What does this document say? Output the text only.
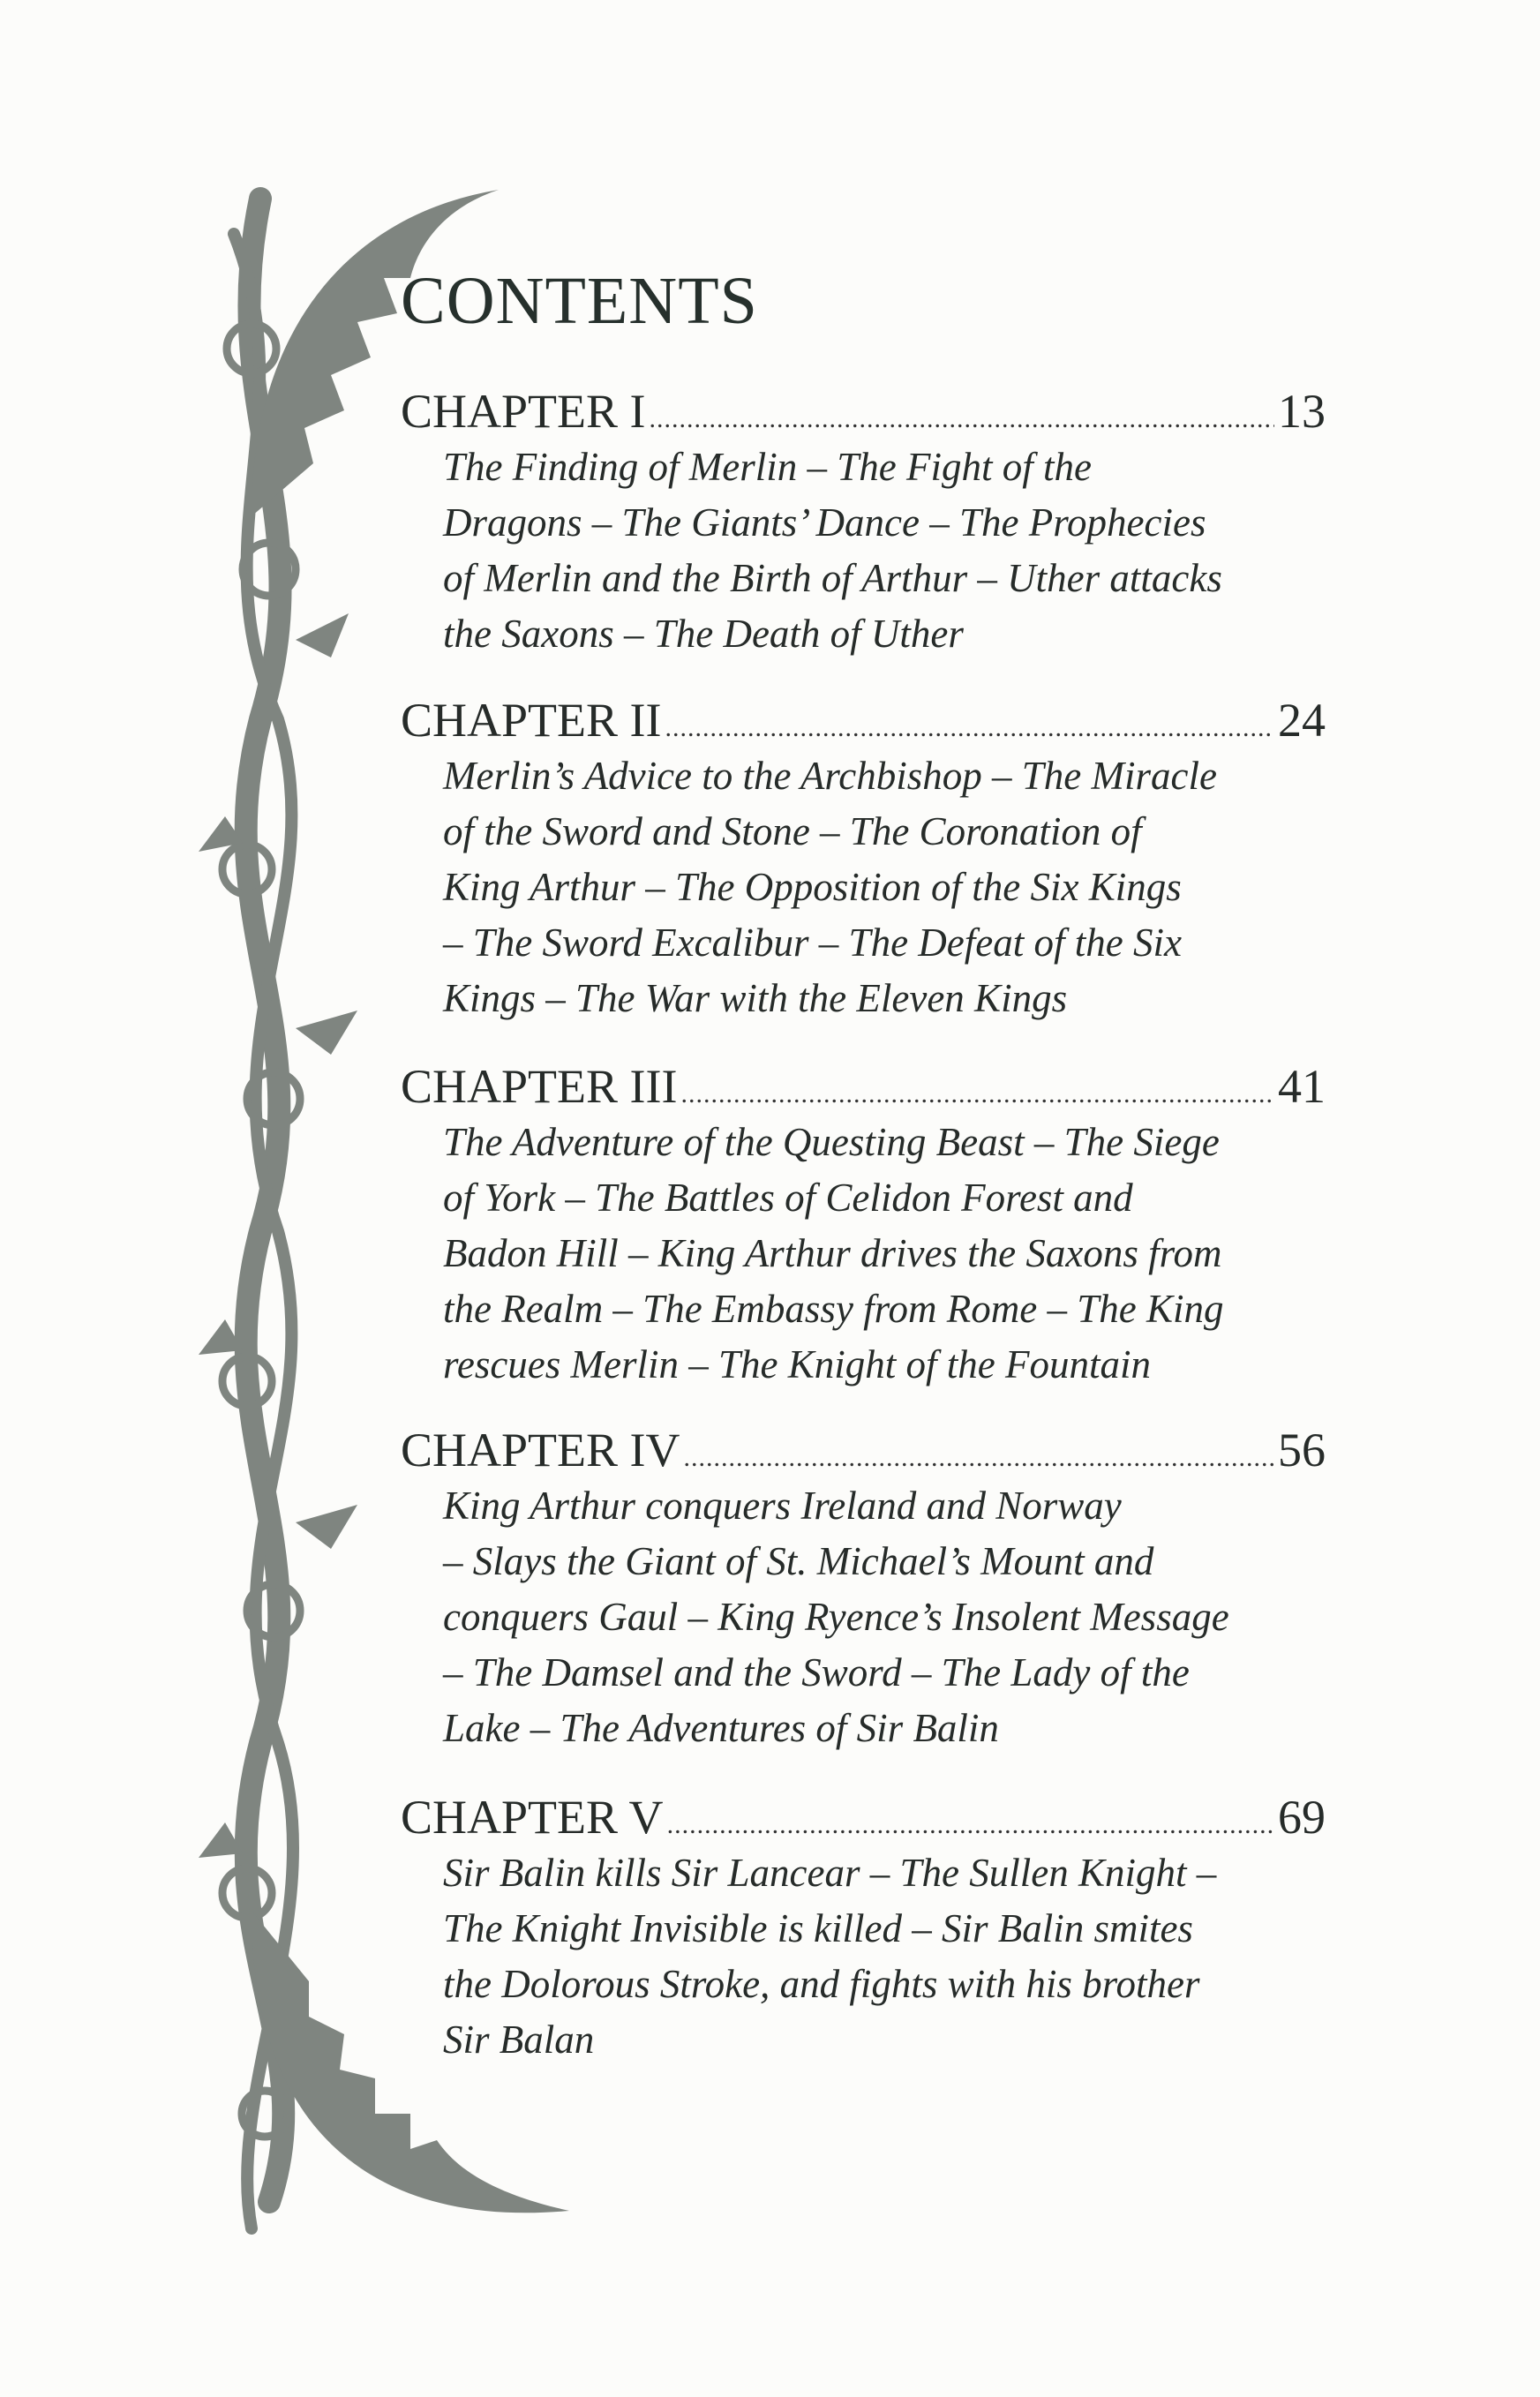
CONTENTS
CHAPTER I .....	13
The Finding of Merlin – The Fight of the
Dragons – The Giants’ Dance – The Prophecies
of Merlin and the Birth of Arthur – Uther attacks
the Saxons – The Death of Uther
CHAPTER II .....	24
Merlin’s Advice to the Archbishop – The Miracle
of the Sword and Stone – The Coronation of
King Arthur – The Opposition of the Six Kings
– The Sword Excalibur – The Defeat of the Six
Kings – The War with the Eleven Kings
CHAPTER III .....	41
The Adventure of the Questing Beast – The Siege
of York – The Battles of Celidon Forest and
Badon Hill – King Arthur drives the Saxons from
the Realm – The Embassy from Rome – The King
rescues Merlin – The Knight of the Fountain
CHAPTER IV .....	56
King Arthur conquers Ireland and Norway
– Slays the Giant of St. Michael’s Mount and
conquers Gaul – King Ryence’s Insolent Message
– The Damsel and the Sword – The Lady of the
Lake – The Adventures of Sir Balin
CHAPTER V .....	69
Sir Balin kills Sir Lancear – The Sullen Knight –
The Knight Invisible is killed – Sir Balin smites
the Dolorous Stroke, and fights with his brother
Sir Balan
